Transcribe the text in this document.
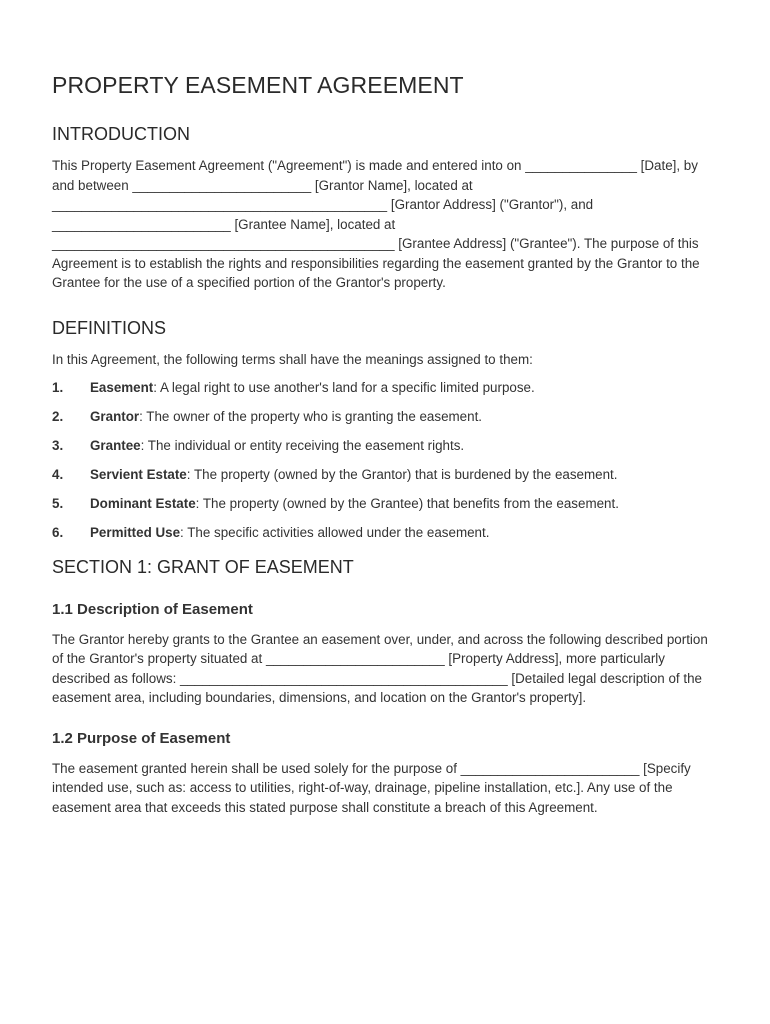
PROPERTY EASEMENT AGREEMENT
INTRODUCTION

This Property Easement Agreement ("Agreement") is made and entered into on _______________ [Date], by and between ________________________ [Grantor Name], located at _____________________________________________ [Grantor Address] ("Grantor"), and ________________________ [Grantee Name], located at ______________________________________________ [Grantee Address] ("Grantee"). The purpose of this Agreement is to establish the rights and responsibilities regarding the easement granted by the Grantor to the Grantee for the use of a specified portion of the Grantor's property.

DEFINITIONS

In this Agreement, the following terms shall have the meanings assigned to them:

1.	Easement: A legal right to use another's land for a specific limited purpose.
2.	Grantor: The owner of the property who is granting the easement.
3.	Grantee: The individual or entity receiving the easement rights.
4.	Servient Estate: The property (owned by the Grantor) that is burdened by the easement.
5.	Dominant Estate: The property (owned by the Grantee) that benefits from the easement.
6.	Permitted Use: The specific activities allowed under the easement.
SECTION 1: GRANT OF EASEMENT
1.1 Description of Easement

The Grantor hereby grants to the Grantee an easement over, under, and across the following described portion of the Grantor's property situated at ________________________ [Property Address], more particularly described as follows: ____________________________________________ [Detailed legal description of the easement area, including boundaries, dimensions, and location on the Grantor's property].

1.2 Purpose of Easement

The easement granted herein shall be used solely for the purpose of ________________________ [Specify intended use, such as: access to utilities, right-of-way, drainage, pipeline installation, etc.]. Any use of the easement area that exceeds this stated purpose shall constitute a breach of this Agreement.
